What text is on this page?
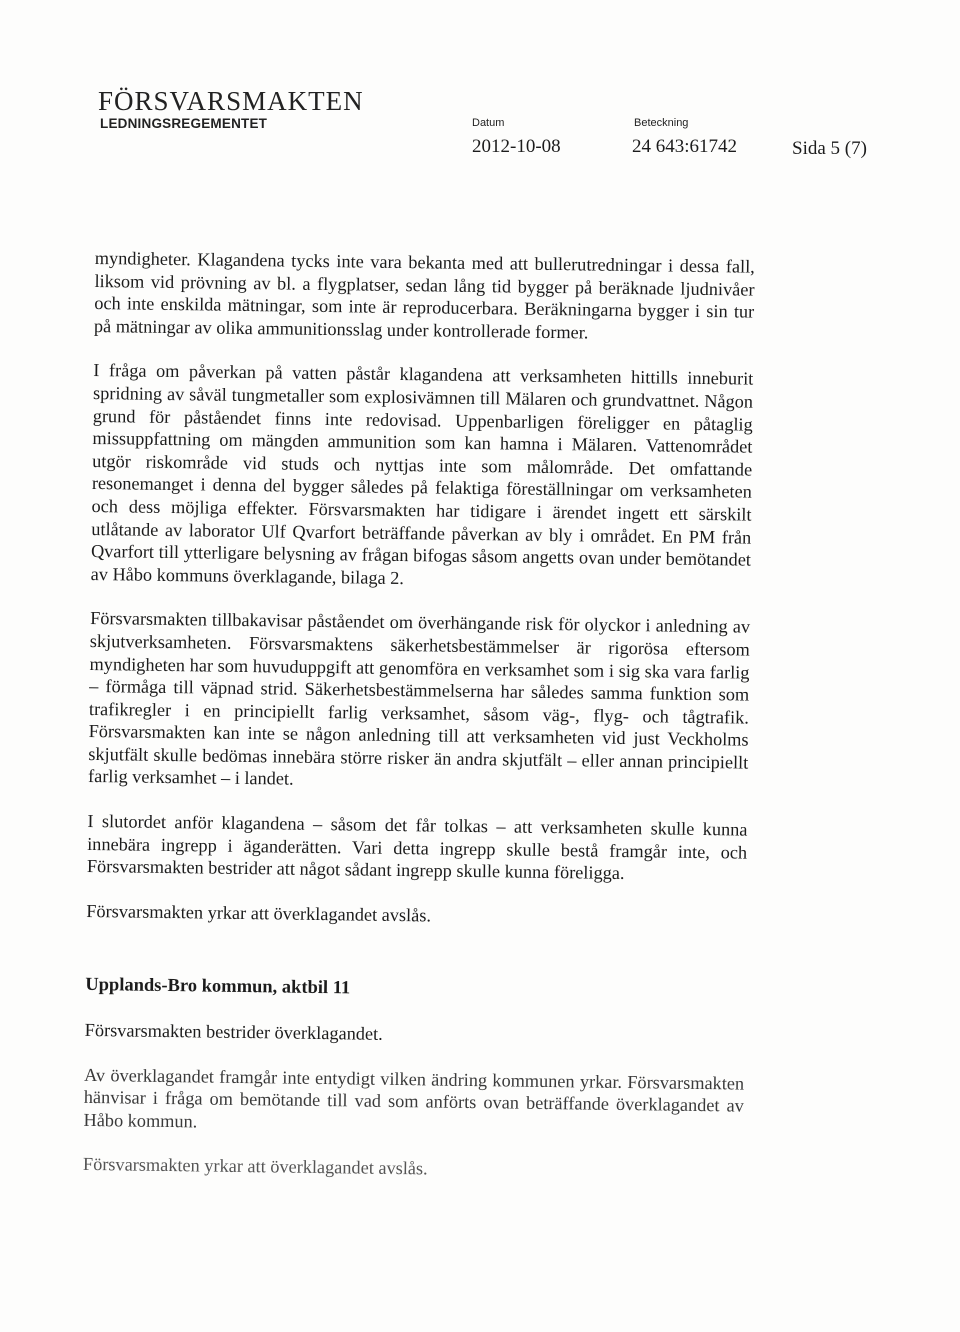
FÖRSVARSMAKTEN
LEDNINGSREGEMENTET	Datum
2012-10-08
Beteckning
24 643:61742	Sida 5 (7)

myndigheter. Klagandena tycks inte vara bekanta med att bullerutredningar i dessa fall, liksom vid prövning av bl. a flygplatser, sedan lång tid bygger på beräknade ljudnivåer och inte enskilda mätningar, som inte är reproducerbara. Beräkningarna bygger i sin tur på mätningar av olika ammunitionsslag under kontrollerade former.

I fråga om påverkan på vatten påstår klagandena att verksamheten hittills inneburit spridning av såväl tungmetaller som explosivämnen till Mälaren och grundvattnet. Någon grund för påståendet finns inte redovisad. Uppenbarligen föreligger en påtaglig missuppfattning om mängden ammunition som kan hamna i Mälaren. Vattenområdet utgör riskområde vid studs och nyttjas inte som målområde. Det omfattande resonemanget i denna del bygger således på felaktiga föreställningar om verksamheten och dess möjliga effekter. Försvarsmakten har tidigare i ärendet ingett ett särskilt utlåtande av laborator Ulf Qvarfort beträffande påverkan av bly i området. En PM från Qvarfort till ytterligare belysning av frågan bifogas såsom angetts ovan under bemötandet av Håbo kommuns överklagande, bilaga 2.

Försvarsmakten tillbakavisar påståendet om överhängande risk för olyckor i anledning av skjutverksamheten. Försvarsmaktens säkerhetsbestämmelser är rigorösa eftersom myndigheten har som huvuduppgift att genomföra en verksamhet som i sig ska vara farlig – förmåga till väpnad strid. Säkerhetsbestämmelserna har således samma funktion som trafikregler i en principiellt farlig verksamhet, såsom väg-, flyg- och tågtrafik. Försvarsmakten kan inte se någon anledning till att verksamheten vid just Veckholms skjutfält skulle bedömas innebära större risker än andra skjutfält – eller annan principiellt farlig verksamhet – i landet.

I slutordet anför klagandena – såsom det får tolkas – att verksamheten skulle kunna innebära ingrepp i äganderätten. Vari detta ingrepp skulle bestå framgår inte, och Försvarsmakten bestrider att något sådant ingrepp skulle kunna föreligga.

Försvarsmakten yrkar att överklagandet avslås.

Upplands-Bro kommun, aktbil 11

Försvarsmakten bestrider överklagandet.

Av överklagandet framgår inte entydigt vilken ändring kommunen yrkar. Försvarsmakten hänvisar i fråga om bemötande till vad som anförts ovan beträffande överklagandet av Håbo kommun.

Försvarsmakten yrkar att överklagandet avslås.
